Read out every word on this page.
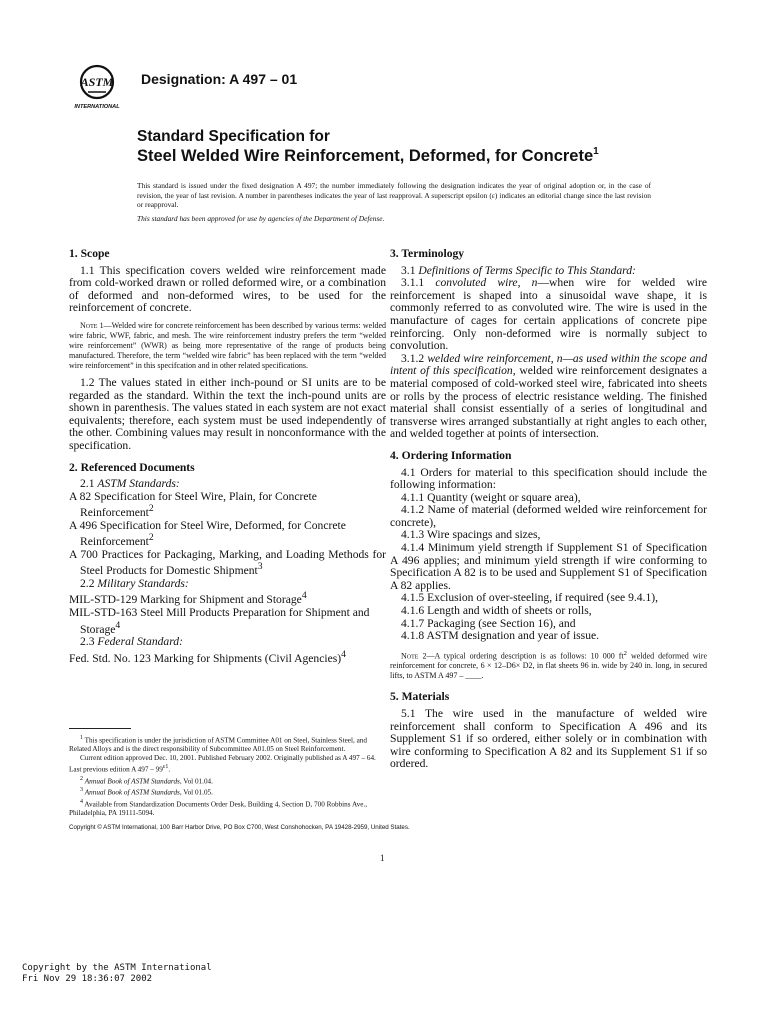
ASTM
INTERNATIONAL
Designation: A 497 – 01
Standard Specification for
Steel Welded Wire Reinforcement, Deformed, for Concrete$^1$
This standard is issued under the fixed designation A 497; the number immediately following the designation indicates the year of original adoption or, in the case of revision, the year of last revision. A number in parentheses indicates the year of last reapproval. A superscript epsilon (ε) indicates an editorial change since the last revision or reapproval.
This standard has been approved for use by agencies of the Department of Defense.

1. Scope

1.1 This specification covers welded wire reinforcement made from cold-worked drawn or rolled deformed wire, or a combination of deformed and non-deformed wires, to be used for the reinforcement of concrete.

Note 1—Welded wire for concrete reinforcement has been described by various terms: welded wire fabric, WWF, fabric, and mesh. The wire reinforcement industry prefers the term “welded wire reinforcement” (WWR) as being more representative of the range of products being manufactured. Therefore, the term “welded wire fabric” has been replaced with the term “welded wire reinforcement” in this specifcation and in other related specifications.

1.2 The values stated in either inch-pound or SI units are to be regarded as the standard. Within the text the inch-pound units are shown in parenthesis. The values stated in each system are not exact equivalents; therefore, each system must be used independently of the other. Combining values may result in nonconformance with the specification.

2. Referenced Documents

2.1 ASTM Standards:

A 82 Specification for Steel Wire, Plain, for Concrete Reinforcement$^2$

A 496 Specification for Steel Wire, Deformed, for Concrete Reinforcement$^2$

A 700 Practices for Packaging, Marking, and Loading Methods for Steel Products for Domestic Shipment$^3$

2.2 Military Standards:

MIL-STD-129 Marking for Shipment and Storage$^4$

MIL-STD-163 Steel Mill Products Preparation for Shipment and Storage$^4$

2.3 Federal Standard:

Fed. Std. No. 123 Marking for Shipments (Civil Agencies)$^4$

3. Terminology

3.1 Definitions of Terms Specific to This Standard:

3.1.1 convoluted wire, n—when wire for welded wire reinforcement is shaped into a sinusoidal wave shape, it is commonly referred to as convoluted wire. The wire is used in the manufacture of cages for certain applications of concrete pipe reinforcing. Only non-deformed wire is normally subject to convolution.

3.1.2 welded wire reinforcement, n—as used within the scope and intent of this specification, welded wire reinforcement designates a material composed of cold-worked steel wire, fabricated into sheets or rolls by the process of electric resistance welding. The finished material shall consist essentially of a series of longitudinal and transverse wires arranged substantially at right angles to each other, and welded together at points of intersection.

4. Ordering Information

4.1 Orders for material to this specification should include the following information:

4.1.1 Quantity (weight or square area),

4.1.2 Name of material (deformed welded wire reinforcement for concrete),

4.1.3 Wire spacings and sizes,

4.1.4 Minimum yield strength if Supplement S1 of Specification A 496 applies; and minimum yield strength if wire conforming to Specification A 82 is to be used and Supplement S1 of Specification A 82 applies.

4.1.5 Exclusion of over-steeling, if required (see 9.4.1),

4.1.6 Length and width of sheets or rolls,

4.1.7 Packaging (see Section 16), and

4.1.8 ASTM designation and year of issue.

Note 2—A typical ordering description is as follows: 10 000 $ft^2$ welded deformed wire reinforcement for concrete, 6 × 12–D6× D2, in flat sheets 96 in. wide by 240 in. long, in secured lifts, to ASTM A 497 – ____.

5. Materials

5.1 The wire used in the manufacture of welded wire reinforcement shall conform to Specification A 496 and its Supplement S1 if so ordered, either solely or in combination with wire conforming to Specification A 82 and its Supplement S1 if so ordered.

$^1$ This specification is under the jurisdiction of ASTM Committee A01 on Steel, Stainless Steel, and Related Alloys and is the direct responsibility of Subcommittee A01.05 on Steel Reinforcement.

Current edition approved Dec. 10, 2001. Published February 2002. Originally published as A 497 – 64. Last previous edition A $497 - 99^{\varepsilon 1}$.

$^2$ Annual Book of ASTM Standards, Vol 01.04.

$^3$ Annual Book of ASTM Standards, Vol 01.05.

$^4$ Available from Standardization Documents Order Desk, Building 4, Section D, 700 Robbins Ave., Philadelphia, PA 19111-5094.

Copyright © ASTM International, 100 Barr Harbor Drive, PO Box C700, West Conshohocken, PA 19428-2959, United States.
1
Copyright by the ASTM International
Fri Nov 29 18:36:07 2002
